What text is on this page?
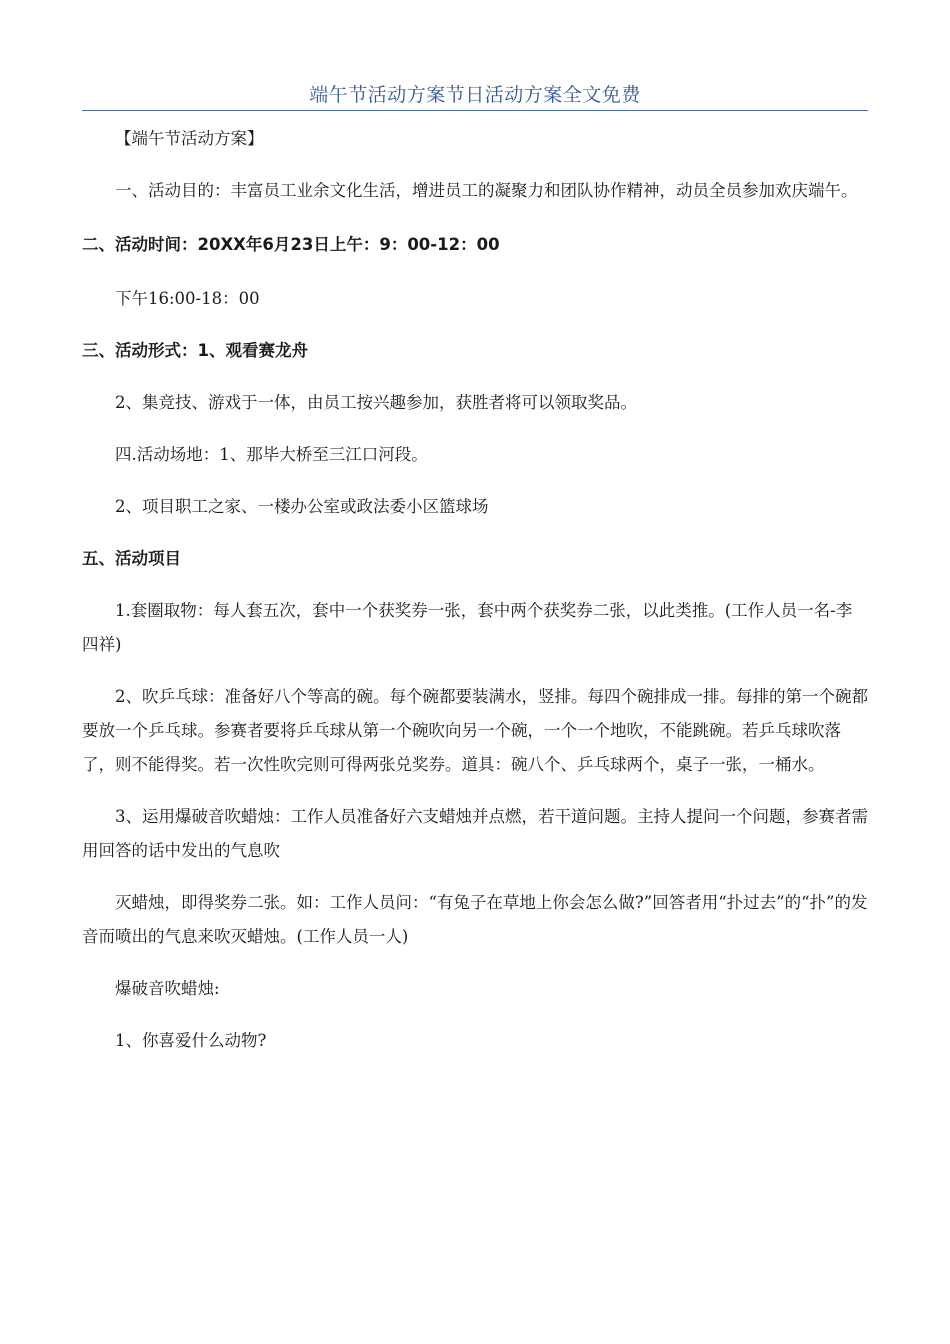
端午节活动方案节日活动方案全文免费

【端午节活动方案】

一、活动目的：丰富员工业余文化生活，增进员工的凝聚力和团队协作精神，动员全员参加欢庆端午。

二、活动时间：20XX年6月23日上午：9：00-12：00

下午16:00-18：00

三、活动形式：1、观看赛龙舟

2、集竞技、游戏于一体，由员工按兴趣参加，获胜者将可以领取奖品。

四.活动场地：1、那毕大桥至三江口河段。

2、项目职工之家、一楼办公室或政法委小区篮球场

五、活动项目

1.套圈取物：每人套五次，套中一个获奖券一张，套中两个获奖券二张，以此类推。(工作人员一名-李四祥)

2、吹乒乓球：准备好八个等高的碗。每个碗都要装满水，竖排。每四个碗排成一排。每排的第一个碗都要放一个乒乓球。参赛者要将乒乓球从第一个碗吹向另一个碗，一个一个地吹，不能跳碗。若乒乓球吹落了，则不能得奖。若一次性吹完则可得两张兑奖券。道具：碗八个、乒乓球两个，桌子一张，一桶水。

3、运用爆破音吹蜡烛：工作人员准备好六支蜡烛并点燃，若干道问题。主持人提问一个问题，参赛者需用回答的话中发出的气息吹

灭蜡烛，即得奖券二张。如：工作人员问：“有兔子在草地上你会怎么做?”回答者用“扑过去”的“扑”的发音而喷出的气息来吹灭蜡烛。(工作人员一人)

爆破音吹蜡烛:

1、你喜爱什么动物?
